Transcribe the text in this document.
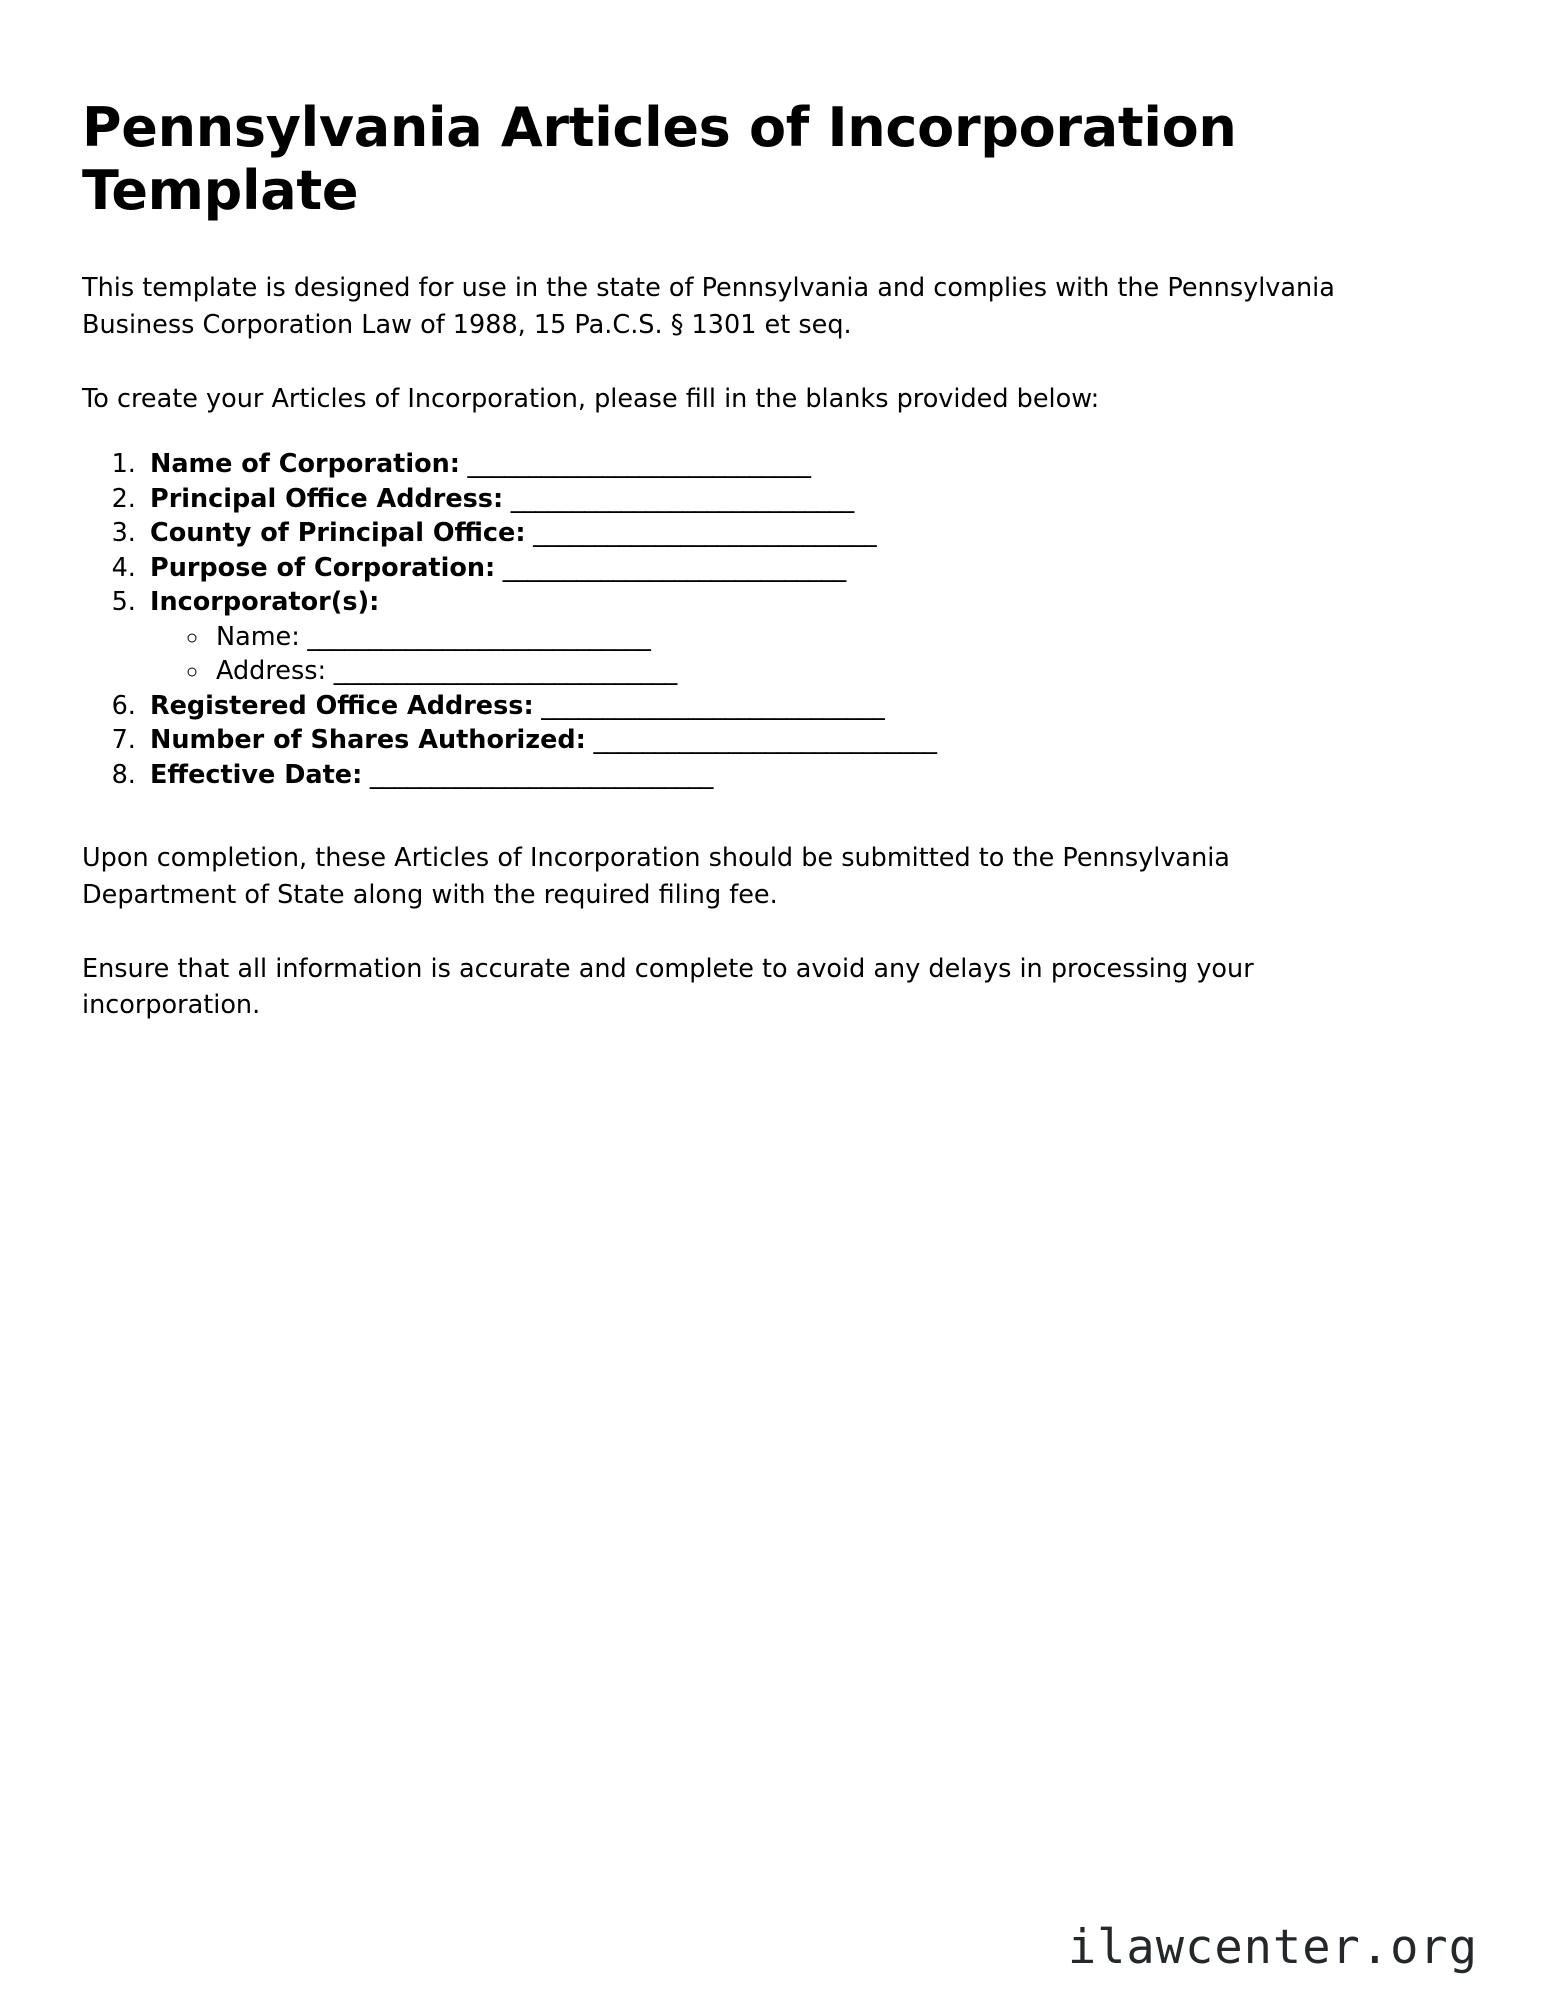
Pennsylvania Articles of Incorporation Template

This template is designed for use in the state of Pennsylvania and complies with the Pennsylvania Business Corporation Law of 1988, 15 Pa.C.S. § 1301 et seq.

To create your Articles of Incorporation, please fill in the blanks provided below:

1. Name of Corporation: ____________________________
2. Principal Office Address: ____________________________
3. County of Principal Office: ____________________________
4. Purpose of Corporation: ____________________________
5. Incorporator(s):
◦ Name: ____________________________
◦ Address: ____________________________
6. Registered Office Address: ____________________________
7. Number of Shares Authorized: ____________________________
8. Effective Date: ____________________________

Upon completion, these Articles of Incorporation should be submitted to the Pennsylvania Department of State along with the required filing fee.

Ensure that all information is accurate and complete to avoid any delays in processing your incorporation.

ilawcenter.org
